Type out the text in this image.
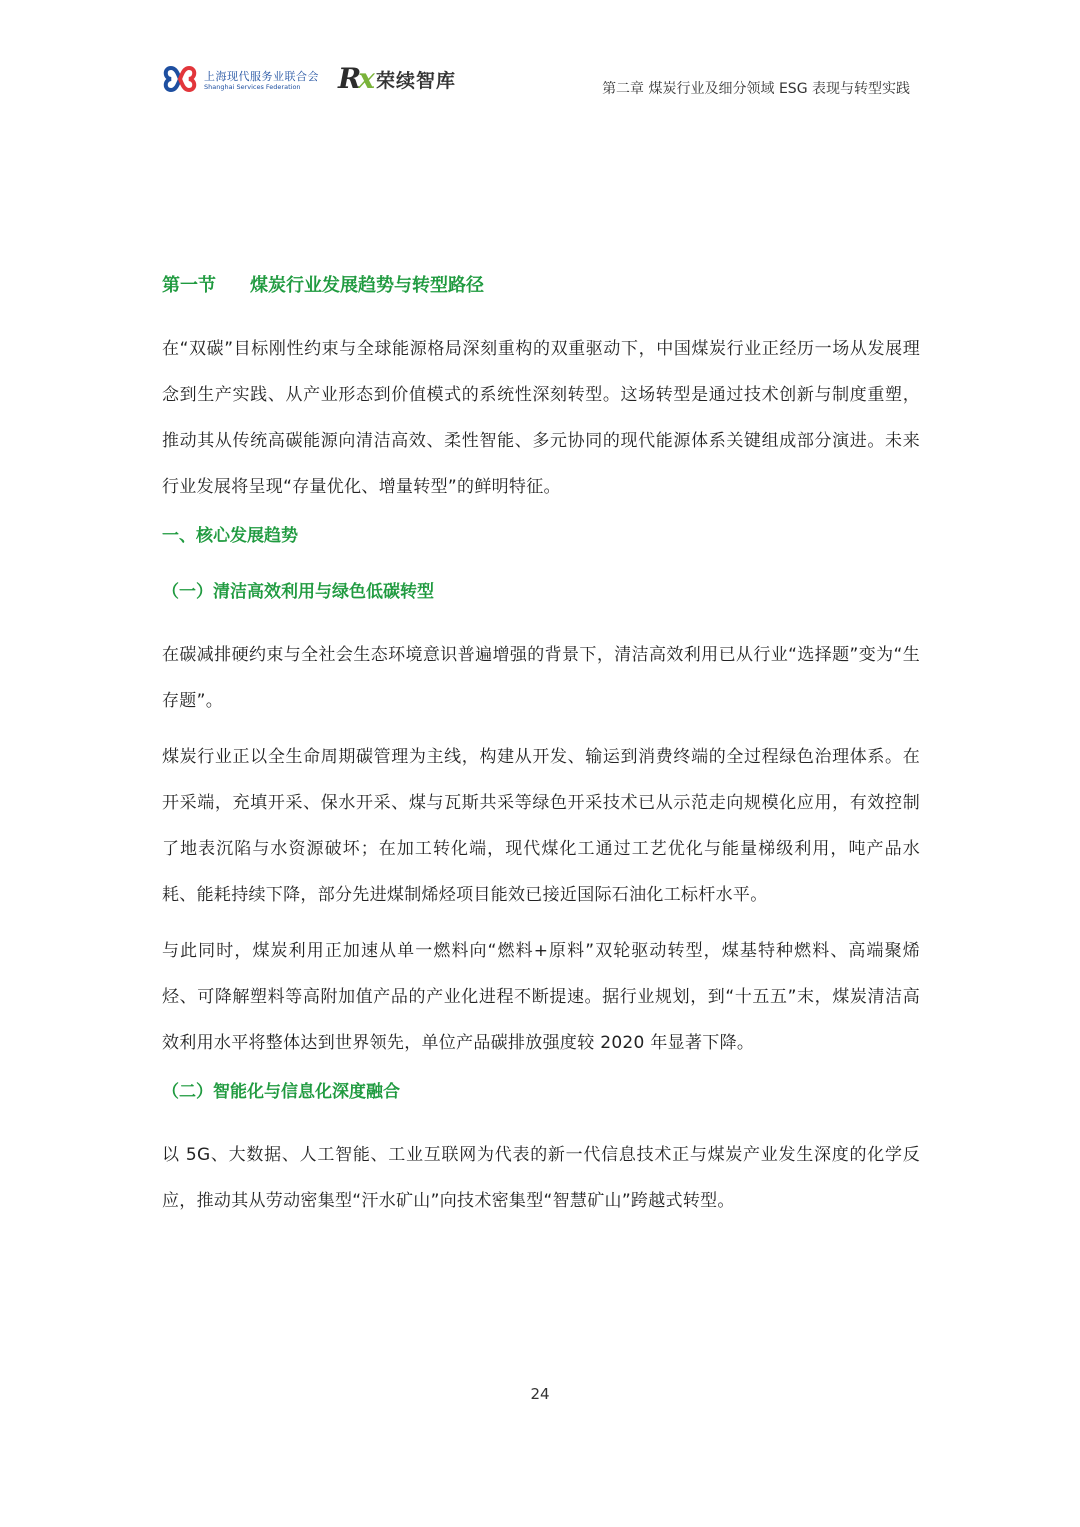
上海现代服务业联合会
Shanghai Services Federation Rx 荣续智库	第二章 煤炭行业及细分领域 ESG 表现与转型实践
第一节 煤炭行业发展趋势与转型路径

在“双碳”目标刚性约束与全球能源格局深刻重构的双重驱动下，中国煤炭行业正经历一场从发展理念到生产实践、从产业形态到价值模式的系统性深刻转型。这场转型是通过技术创新与制度重塑，推动其从传统高碳能源向清洁高效、柔性智能、多元协同的现代能源体系关键组成部分演进。未来行业发展将呈现“存量优化、增量转型”的鲜明特征。

一、核心发展趋势
（一）清洁高效利用与绿色低碳转型

在碳减排硬约束与全社会生态环境意识普遍增强的背景下，清洁高效利用已从行业“选择题”变为“生存题”。

煤炭行业正以全生命周期碳管理为主线，构建从开发、输运到消费终端的全过程绿色治理体系。在开采端，充填开采、保水开采、煤与瓦斯共采等绿色开采技术已从示范走向规模化应用，有效控制了地表沉陷与水资源破坏；在加工转化端，现代煤化工通过工艺优化与能量梯级利用，吨产品水耗、能耗持续下降，部分先进煤制烯烃项目能效已接近国际石油化工标杆水平。

与此同时，煤炭利用正加速从单一燃料向“燃料+原料”双轮驱动转型，煤基特种燃料、高端聚烯烃、可降解塑料等高附加值产品的产业化进程不断提速。据行业规划，到“十五五”末，煤炭清洁高效利用水平将整体达到世界领先，单位产品碳排放强度较 2020 年显著下降。

（二）智能化与信息化深度融合

以 5G、大数据、人工智能、工业互联网为代表的新一代信息技术正与煤炭产业发生深度的化学反应，推动其从劳动密集型“汗水矿山”向技术密集型“智慧矿山”跨越式转型。

24
